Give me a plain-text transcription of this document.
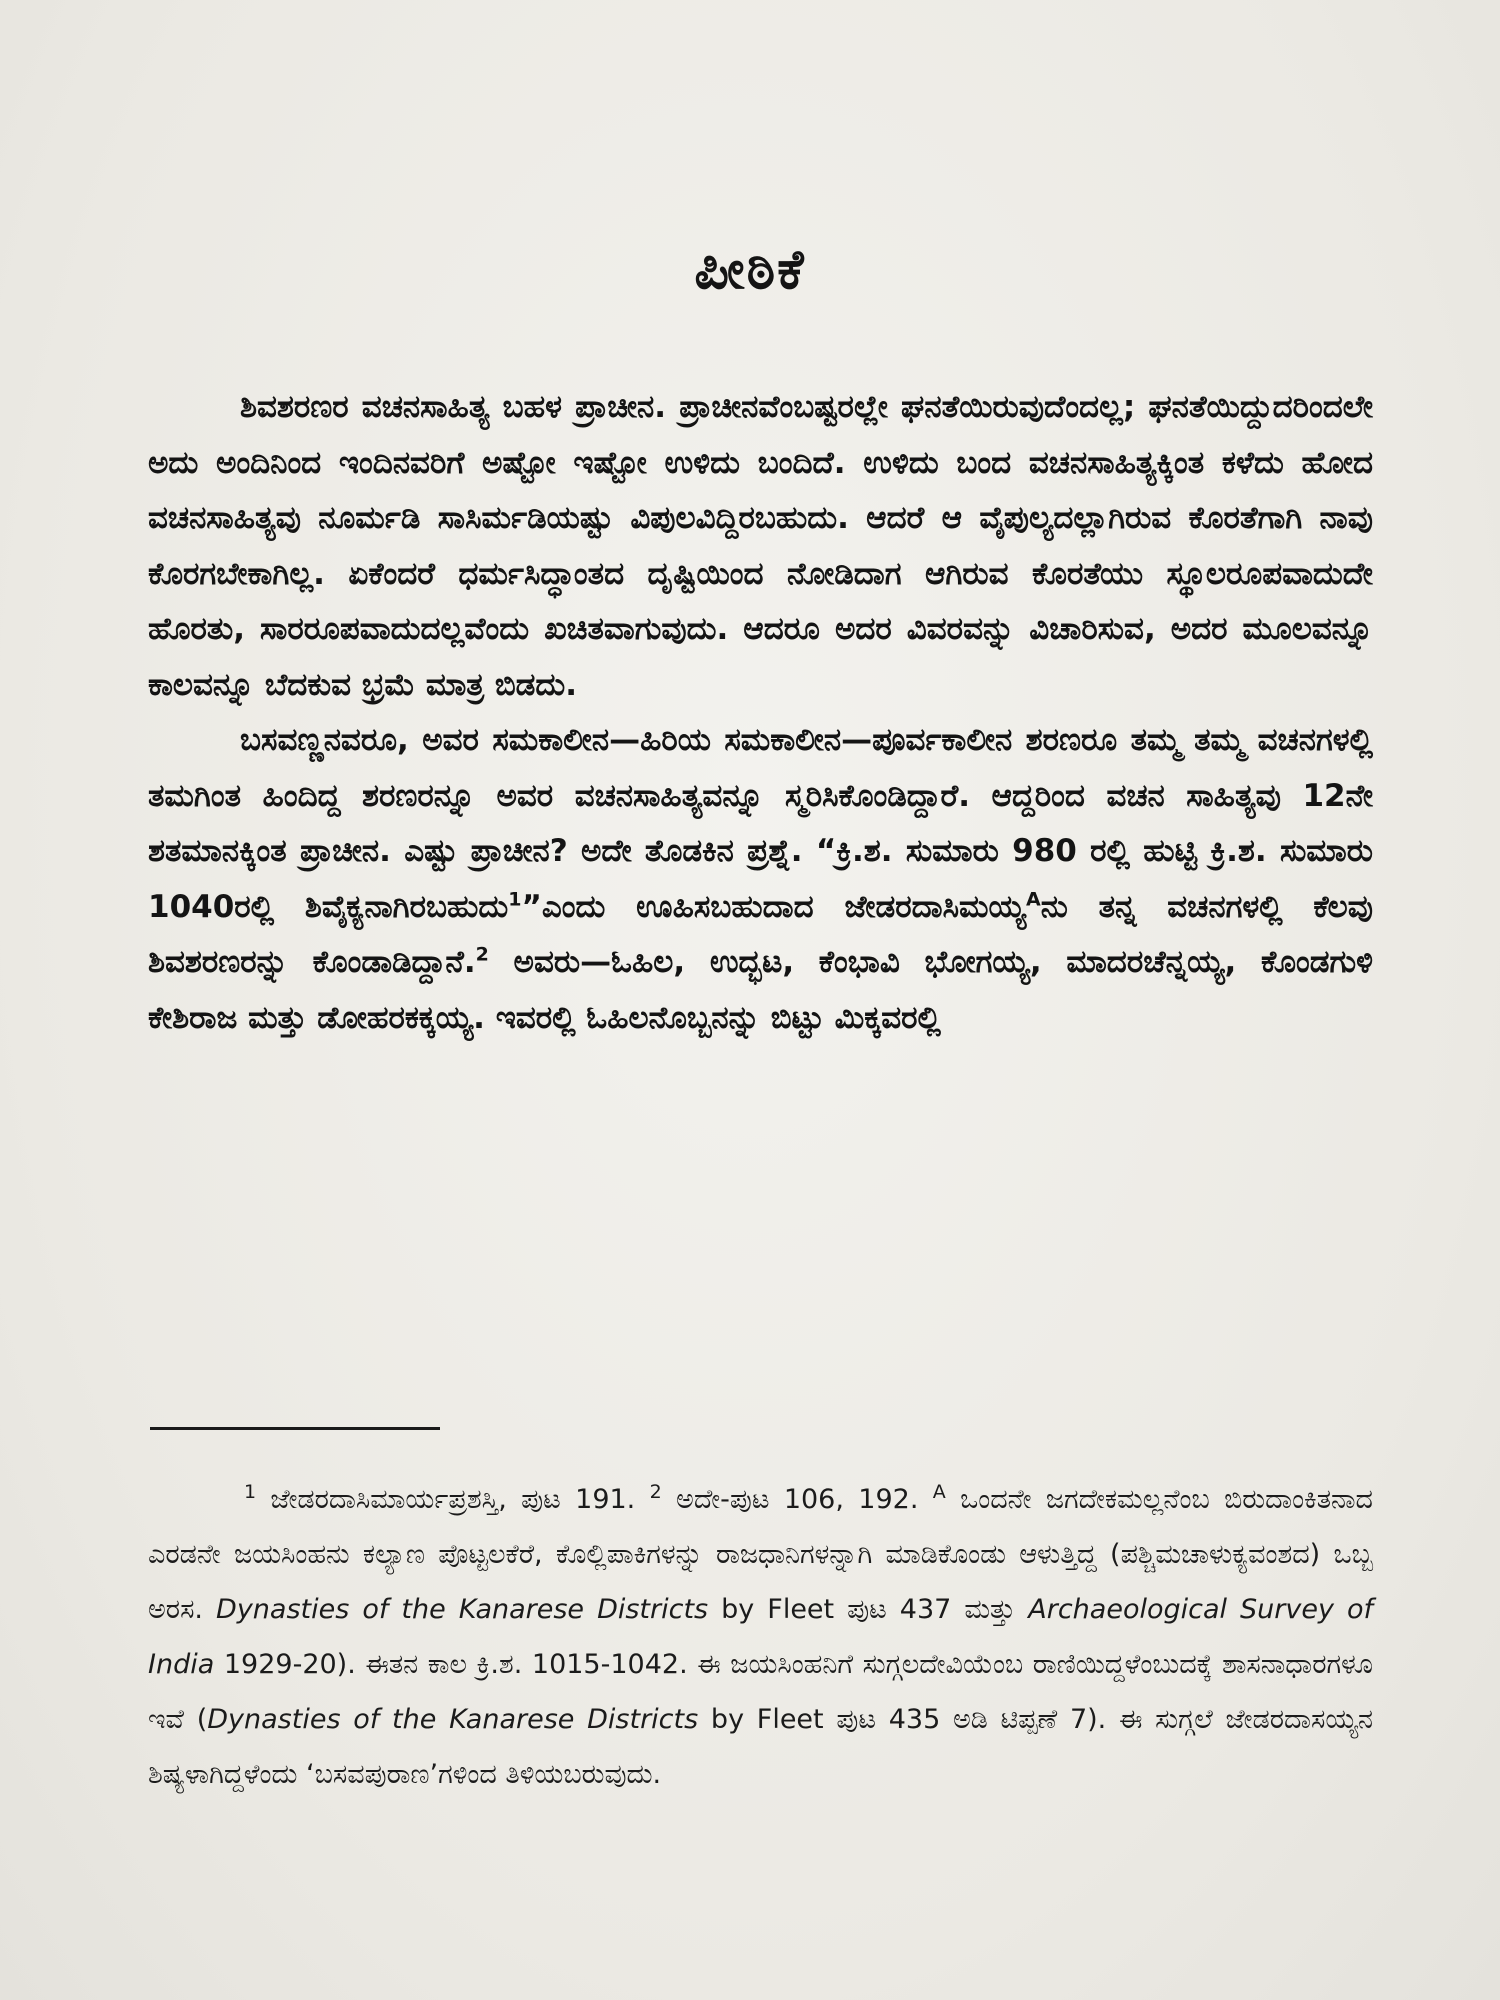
ಪೀಠಿಕೆ

ಶಿವಶರಣರ ವಚನಸಾಹಿತ್ಯ ಬಹಳ ಪ್ರಾಚೀನ. ಪ್ರಾಚೀನವೆಂಬಷ್ಟರಲ್ಲೇ ಘನತೆಯಿರುವುದೆಂದಲ್ಲ; ಘನತೆಯಿದ್ದುದರಿಂದಲೇ ಅದು ಅಂದಿನಿಂದ ಇಂದಿನವರಿಗೆ ಅಷ್ಟೋ ಇಷ್ಟೋ ಉಳಿದು ಬಂದಿದೆ. ಉಳಿದು ಬಂದ ವಚನಸಾಹಿತ್ಯಕ್ಕಿಂತ ಕಳೆದು ಹೋದ ವಚನಸಾಹಿತ್ಯವು ನೂರ್ಮಡಿ ಸಾಸಿರ್ಮಡಿಯಷ್ಟು ವಿಪುಲವಿದ್ದಿರಬಹುದು. ಆದರೆ ಆ ವೈಪುಲ್ಯದಲ್ಲಾಗಿರುವ ಕೊರತೆಗಾಗಿ ನಾವು ಕೊರಗಬೇಕಾಗಿಲ್ಲ. ಏಕೆಂದರೆ ಧರ್ಮಸಿದ್ಧಾಂತದ ದೃಷ್ಟಿಯಿಂದ ನೋಡಿದಾಗ ಆಗಿರುವ ಕೊರತೆಯು ಸ್ಥೂಲರೂಪವಾದುದೇ ಹೊರತು, ಸಾರರೂಪವಾದುದಲ್ಲವೆಂದು ಖಚಿತವಾಗುವುದು. ಆದರೂ ಅದರ ವಿವರವನ್ನು ವಿಚಾರಿಸುವ, ಅದರ ಮೂಲವನ್ನೂ ಕಾಲವನ್ನೂ ಬೆದಕುವ ಭ್ರಮೆ ಮಾತ್ರ ಬಿಡದು.

ಬಸವಣ್ಣನವರೂ, ಅವರ ಸಮಕಾಲೀನ—ಹಿರಿಯ ಸಮಕಾಲೀನ—ಪೂರ್ವಕಾಲೀನ ಶರಣರೂ ತಮ್ಮ ತಮ್ಮ ವಚನಗಳಲ್ಲಿ ತಮಗಿಂತ ಹಿಂದಿದ್ದ ಶರಣರನ್ನೂ ಅವರ ವಚನಸಾಹಿತ್ಯವನ್ನೂ ಸ್ಮರಿಸಿಕೊಂಡಿದ್ದಾರೆ. ಆದ್ದರಿಂದ ವಚನ ಸಾಹಿತ್ಯವು 12ನೇ ಶತಮಾನಕ್ಕಿಂತ ಪ್ರಾಚೀನ. ಎಷ್ಟು ಪ್ರಾಚೀನ? ಅದೇ ತೊಡಕಿನ ಪ್ರಶ್ನೆ. “ಕ್ರಿ.ಶ. ಸುಮಾರು 980 ರಲ್ಲಿ ಹುಟ್ಟಿ ಕ್ರಿ.ಶ. ಸುಮಾರು 1040ರಲ್ಲಿ ಶಿವೈಕ್ಯನಾಗಿರಬಹುದು$^1$”ಎಂದು ಊಹಿಸಬಹುದಾದ ಜೇಡರದಾಸಿಮಯ್ಯ$^A$ನು ತನ್ನ ವಚನಗಳಲ್ಲಿ ಕೆಲವು ಶಿವಶರಣರನ್ನು ಕೊಂಡಾಡಿದ್ದಾನೆ.$^2$ ಅವರು—ಓಹಿಲ, ಉದ್ಭಟ, ಕೆಂಭಾವಿ ಭೋಗಯ್ಯ, ಮಾದರಚೆನ್ನಯ್ಯ, ಕೊಂಡಗುಳಿ ಕೇಶಿರಾಜ ಮತ್ತು ಡೋಹರಕಕ್ಕಯ್ಯ. ಇವರಲ್ಲಿ ಓಹಿಲನೊಬ್ಬನನ್ನು ಬಿಟ್ಟು ಮಿಕ್ಕವರಲ್ಲಿ

$^1$ ಜೇಡರದಾಸಿಮಾರ್ಯಪ್ರಶಸ್ತಿ, ಪುಟ 191. $^2$ ಅದೇ-ಪುಟ 106, 192. $^A$ ಒಂದನೇ ಜಗದೇಕಮಲ್ಲನೆಂಬ ಬಿರುದಾಂಕಿತನಾದ ಎರಡನೇ ಜಯಸಿಂಹನು ಕಲ್ಯಾಣ ಪೊಟ್ಟಲಕೆರೆ, ಕೊಲ್ಲಿಪಾಕಿಗಳನ್ನು ರಾಜಧಾನಿಗಳನ್ನಾಗಿ ಮಾಡಿಕೊಂಡು ಆಳುತ್ತಿದ್ದ (ಪಶ್ಚಿಮಚಾಳುಕ್ಯವಂಶದ) ಒಬ್ಬ ಅರಸ. Dynasties of the Kanarese Districts by Fleet ಪುಟ 437 ಮತ್ತು Archaeological Survey of India 1929-20). ಈತನ ಕಾಲ ಕ್ರಿ.ಶ. 1015-1042. ಈ ಜಯಸಿಂಹನಿಗೆ ಸುಗ್ಗಲದೇವಿಯೆಂಬ ರಾಣಿಯಿದ್ದಳೆಂಬುದಕ್ಕೆ ಶಾಸನಾಧಾರಗಳೂ ಇವೆ (Dynasties of the Kanarese Districts by Fleet ಪುಟ 435 ಅಡಿ ಟಿಪ್ಪಣೆ 7). ಈ ಸುಗ್ಗಲೆ ಜೇಡರದಾಸಯ್ಯನ ಶಿಷ್ಯಳಾಗಿದ್ದಳೆಂದು ‘ಬಸವಪುರಾಣ’ಗಳಿಂದ ತಿಳಿಯಬರುವುದು.
